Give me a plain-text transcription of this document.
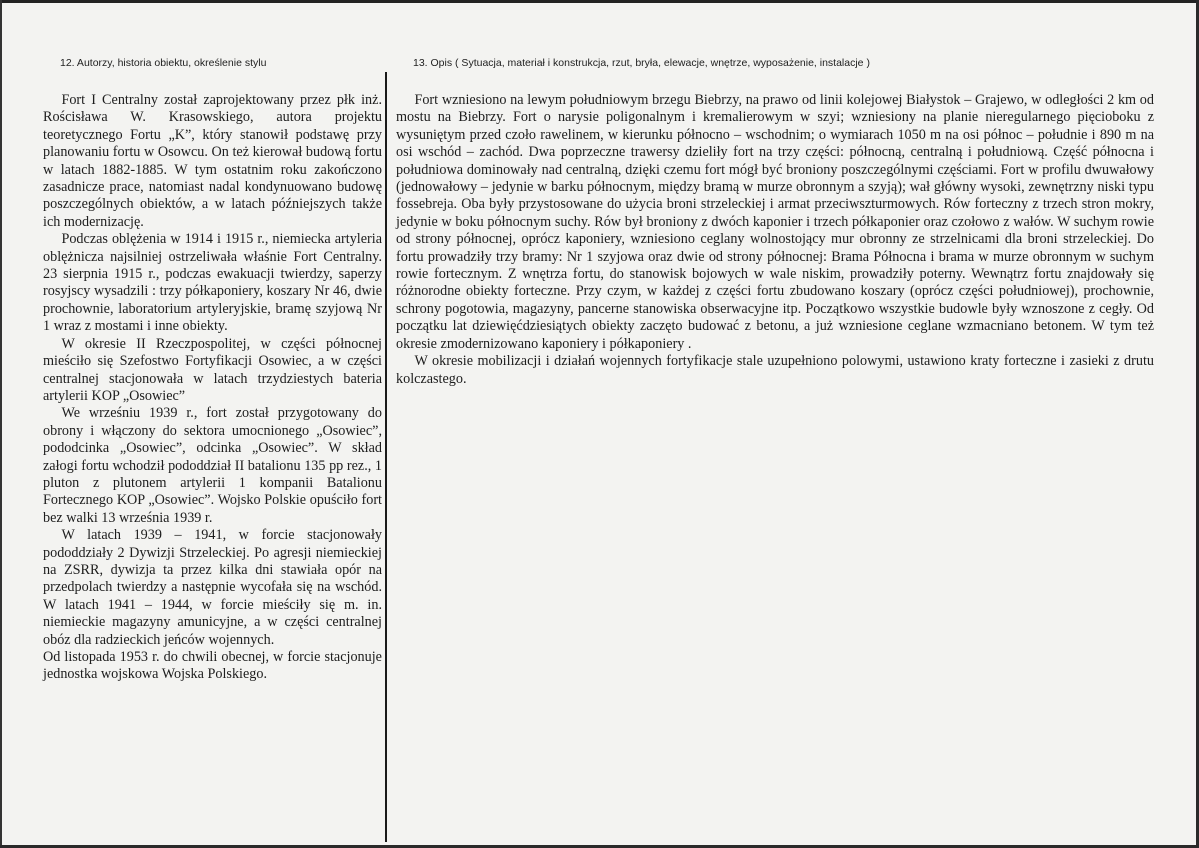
12. Autorzy, historia obiektu, określenie stylu	13. Opis ( Sytuacja, materiał i konstrukcja, rzut, bryła, elewacje, wnętrze, wyposażenie, instalacje )

Fort I Centralny został zaprojektowany przez płk inż. Rościsława W. Krasowskiego, autora projektu teoretycznego Fortu „K”, który stanowił podstawę przy planowaniu fortu w Osowcu. On też kierował budową fortu w latach 1882-1885. W tym ostatnim roku zakończono zasadnicze prace, natomiast nadal kondynuowano budowę poszczególnych obiektów, a w latach późniejszych także ich modernizację.

Podczas oblężenia w 1914 i 1915 r., niemiecka artyleria oblężnicza najsilniej ostrzeliwała właśnie Fort Centralny. 23 sierpnia 1915 r., podczas ewakuacji twierdzy, saperzy rosyjscy wysadzili : trzy półkaponiery, koszary Nr 46, dwie prochownie, laboratorium artyleryjskie, bramę szyjową Nr 1 wraz z mostami i inne obiekty.

W okresie II Rzeczpospolitej, w części północnej mieściło się Szefostwo Fortyfikacji Osowiec, a w części centralnej stacjonowała w latach trzydziestych bateria artylerii KOP „Osowiec”

We wrześniu 1939 r., fort został przygotowany do obrony i włączony do sektora umocnionego „Osowiec”, pododcinka „Osowiec”, odcinka „Osowiec”. W skład załogi fortu wchodził pododdział II batalionu 135 pp rez., 1 pluton z plutonem artylerii 1 kompanii Batalionu Fortecznego KOP „Osowiec”. Wojsko Polskie opuściło fort bez walki 13 września 1939 r.

W latach 1939 – 1941, w forcie stacjonowały pododdziały 2 Dywizji Strzeleckiej. Po agresji niemieckiej na ZSRR, dywizja ta przez kilka dni stawiała opór na przedpolach twierdzy a następnie wycofała się na wschód. W latach 1941 – 1944, w forcie mieściły się m. in. niemieckie magazyny amunicyjne, a w części centralnej obóz dla radzieckich jeńców wojennych.

Od listopada 1953 r. do chwili obecnej, w forcie stacjonuje jednostka wojskowa Wojska Polskiego.

Fort wzniesiono na lewym południowym brzegu Biebrzy, na prawo od linii kolejowej Białystok – Grajewo, w odległości 2 km od mostu na Biebrzy. Fort o narysie poligonalnym i kremalierowym w szyi; wzniesiony na planie nieregularnego pięcioboku z wysuniętym przed czoło rawelinem, w kierunku północno – wschodnim; o wymiarach 1050 m na osi północ – południe i 890 m na osi wschód – zachód. Dwa poprzeczne trawersy dzieliły fort na trzy części: północną, centralną i południową. Część północna i południowa dominowały nad centralną, dzięki czemu fort mógł być broniony poszczególnymi częściami. Fort w profilu dwuwałowy (jednowałowy – jedynie w barku północnym, między bramą w murze obronnym a szyją); wał główny wysoki, zewnętrzny niski typu fossebreja. Oba były przystosowane do użycia broni strzeleckiej i armat przeciwszturmowych. Rów forteczny z trzech stron mokry, jedynie w boku północnym suchy. Rów był broniony z dwóch kaponier i trzech półkaponier oraz czołowo z wałów. W suchym rowie od strony północnej, oprócz kaponiery, wzniesiono ceglany wolnostojący mur obronny ze strzelnicami dla broni strzeleckiej. Do fortu prowadziły trzy bramy: Nr 1 szyjowa oraz dwie od strony północnej: Brama Północna i brama w murze obronnym w suchym rowie fortecznym. Z wnętrza fortu, do stanowisk bojowych w wale niskim, prowadziły poterny. Wewnątrz fortu znajdowały się różnorodne obiekty forteczne. Przy czym, w każdej z części fortu zbudowano koszary (oprócz części południowej), prochownie, schrony pogotowia, magazyny, pancerne stanowiska obserwacyjne itp. Początkowo wszystkie budowle były wznoszone z cegły. Od początku lat dziewięćdziesiątych obiekty zaczęto budować z betonu, a już wzniesione ceglane wzmacniano betonem. W tym też okresie zmodernizowano kaponiery i półkaponiery .

W okresie mobilizacji i działań wojennych fortyfikacje stale uzupełniono polowymi, ustawiono kraty forteczne i zasieki z drutu kolczastego.
